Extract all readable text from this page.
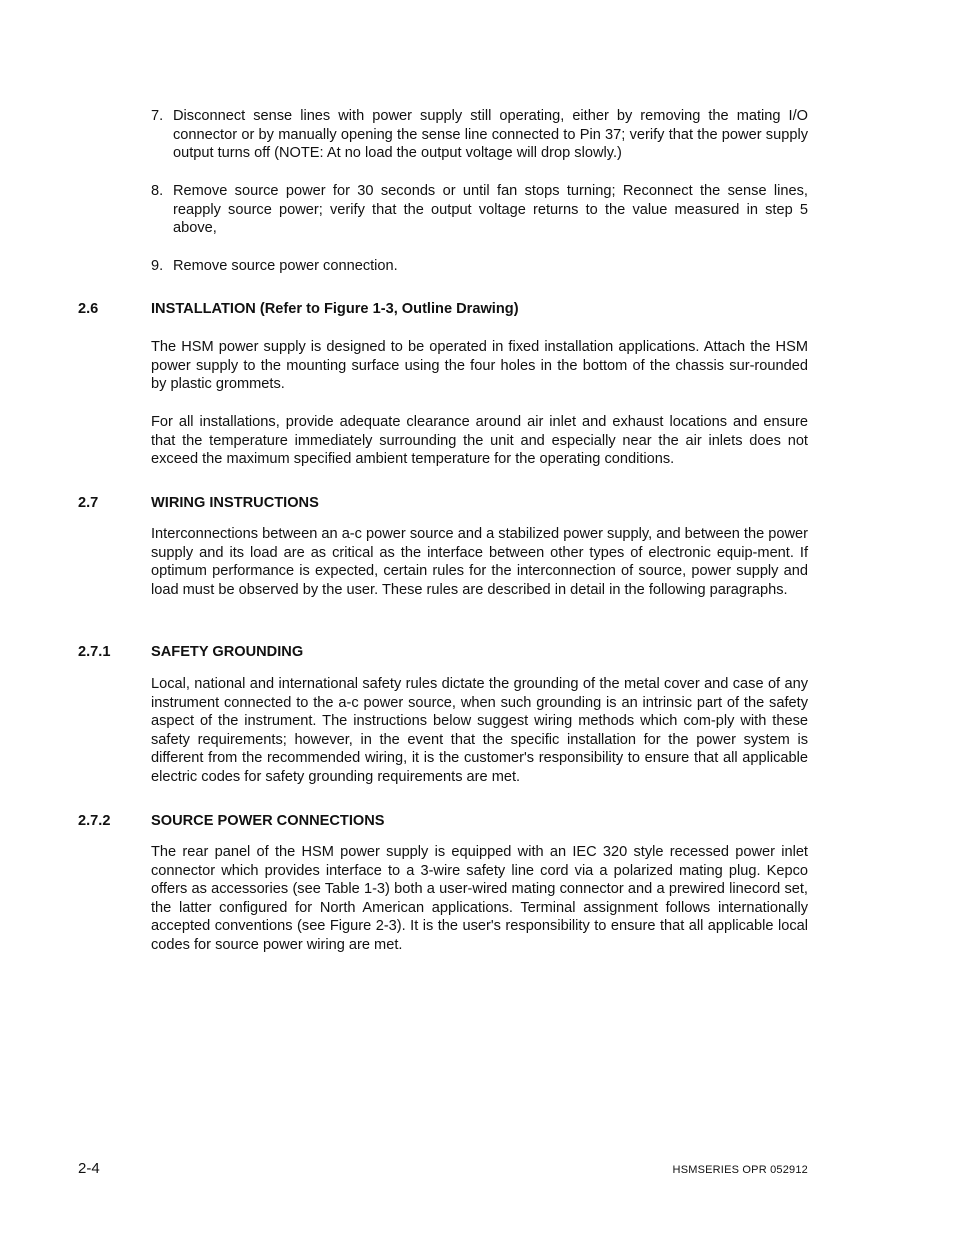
7. Disconnect sense lines with power supply still operating, either by removing the mating I/O connector or by manually opening the sense line connected to Pin 37; verify that the power supply output turns off (NOTE: At no load the output voltage will drop slowly.)

8. Remove source power for 30 seconds or until fan stops turning; Reconnect the sense lines, reapply source power; verify that the output voltage returns to the value measured in step 5 above,

9. Remove source power connection.

2.6	INSTALLATION (Refer to Figure 1-3, Outline Drawing)

The HSM power supply is designed to be operated in fixed installation applications. Attach the HSM power supply to the mounting surface using the four holes in the bottom of the chassis sur-rounded by plastic grommets.

For all installations, provide adequate clearance around air inlet and exhaust locations and ensure that the temperature immediately surrounding the unit and especially near the air inlets does not exceed the maximum specified ambient temperature for the operating conditions.

2.7	WIRING INSTRUCTIONS

Interconnections between an a-c power source and a stabilized power supply, and between the power supply and its load are as critical as the interface between other types of electronic equip-ment. If optimum performance is expected, certain rules for the interconnection of source, power supply and load must be observed by the user. These rules are described in detail in the following paragraphs.

2.7.1	SAFETY GROUNDING

Local, national and international safety rules dictate the grounding of the metal cover and case of any instrument connected to the a-c power source, when such grounding is an intrinsic part of the safety aspect of the instrument. The instructions below suggest wiring methods which com-ply with these safety requirements; however, in the event that the specific installation for the power system is different from the recommended wiring, it is the customer's responsibility to ensure that all applicable electric codes for safety grounding requirements are met.

2.7.2	SOURCE POWER CONNECTIONS

The rear panel of the HSM power supply is equipped with an IEC 320 style recessed power inlet connector which provides interface to a 3-wire safety line cord via a polarized mating plug. Kepco offers as accessories (see Table 1-3) both a user-wired mating connector and a prewired linecord set, the latter configured for North American applications. Terminal assignment follows internationally accepted conventions (see Figure 2-3). It is the user's responsibility to ensure that all applicable local codes for source power wiring are met.

2-4	HSMSERIES OPR 052912
